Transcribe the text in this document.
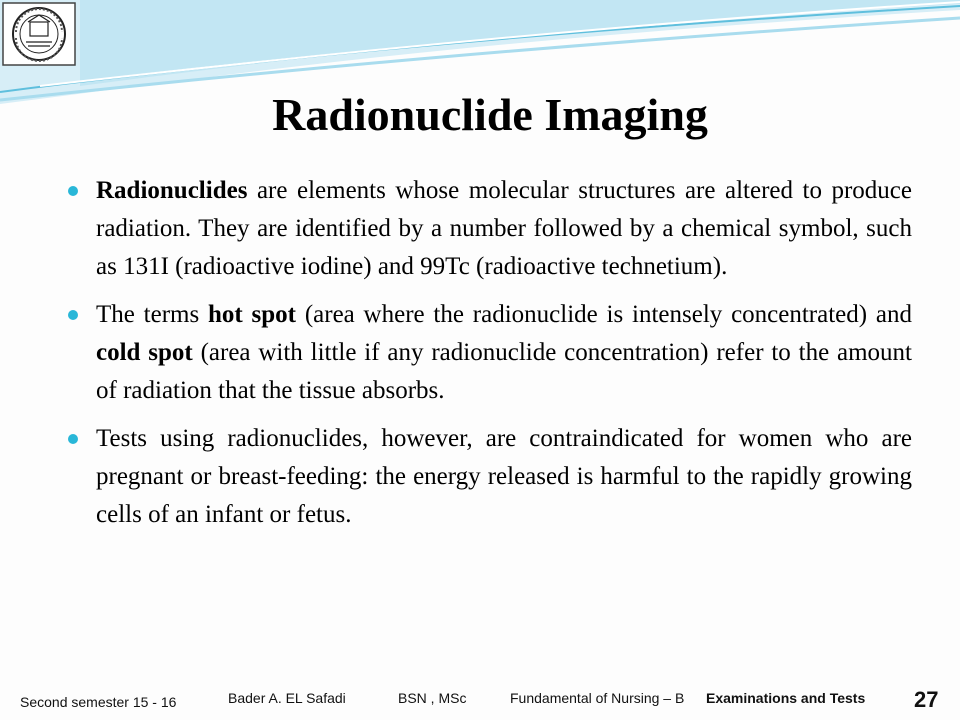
Radionuclide Imaging
Radionuclides are elements whose molecular structures are altered to produce radiation. They are identified by a number followed by a chemical symbol, such as 131I (radioactive iodine) and 99Tc (radioactive technetium).
The terms hot spot (area where the radionuclide is intensely concentrated) and cold spot (area with little if any radionuclide concentration) refer to the amount of radiation that the tissue absorbs.
Tests using radionuclides, however, are contraindicated for women who are pregnant or breast-feeding: the energy released is harmful to the rapidly growing cells of an infant or fetus.
Second semester 15 - 16	Bader A. EL Safadi	BSN , MSc	Fundamental of Nursing – B Examinations and Tests 27
